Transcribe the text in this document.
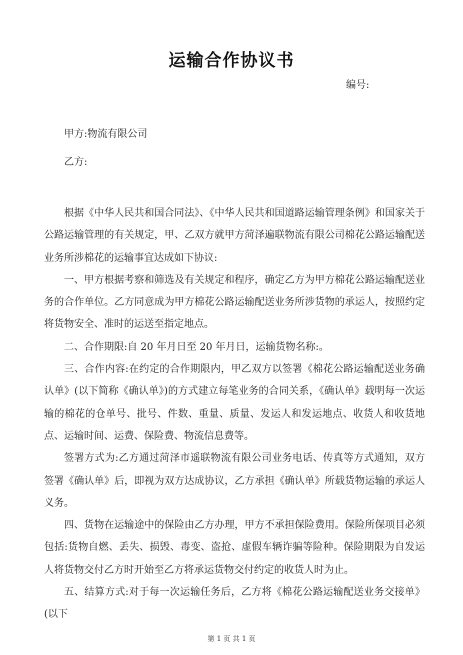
运输合作协议书
编号:
甲方:物流有限公司
乙方:

根据《中华人民共和国合同法》、《中华人民共和国道路运输管理条例》和国家关于公路运输管理的有关规定，甲、乙双方就甲方菏泽遍联物流有限公司棉花公路运输配送业务所涉棉花的运输事宜达成如下协议:

一、甲方根据考察和筛选及有关规定和程序，确定乙方为甲方棉花公路运输配送业务的合作单位。乙方同意成为甲方棉花公路运输配送业务所涉货物的承运人，按照约定将货物安全、准时的运送至指定地点。

二、合作期限:自 20 年月日至 20 年月日，运输货物名称:。

三、合作内容:在约定的合作期限内，甲乙双方以签署《棉花公路运输配送业务确认单》(以下简称《确认单》)的方式建立每笔业务的合同关系，《确认单》载明每一次运输的棉花的仓单号、批号、件数、重量、质量、发运人和发运地点、收货人和收货地点、运输时间、运费、保险费、物流信息费等。

签署方式为:乙方通过菏泽市遥联物流有限公司业务电话、传真等方式通知，双方签署《确认单》后，即视为双方达成协议，乙方承担《确认单》所载货物运输的承运人义务。

四、货物在运输途中的保险由乙方办理，甲方不承担保险费用。保险所保项目必须包括:货物自燃、丢失、损毁、毒变、盗抢、虚假车辆诈骗等险种。保险期限为自发运人将货物交付乙方时开始至乙方将承运货物交付约定的收货人时为止。

五、结算方式:对于每一次运输任务后，乙方将《棉花公路运输配送业务交接单》(以下

第 1 页 共 1 页
